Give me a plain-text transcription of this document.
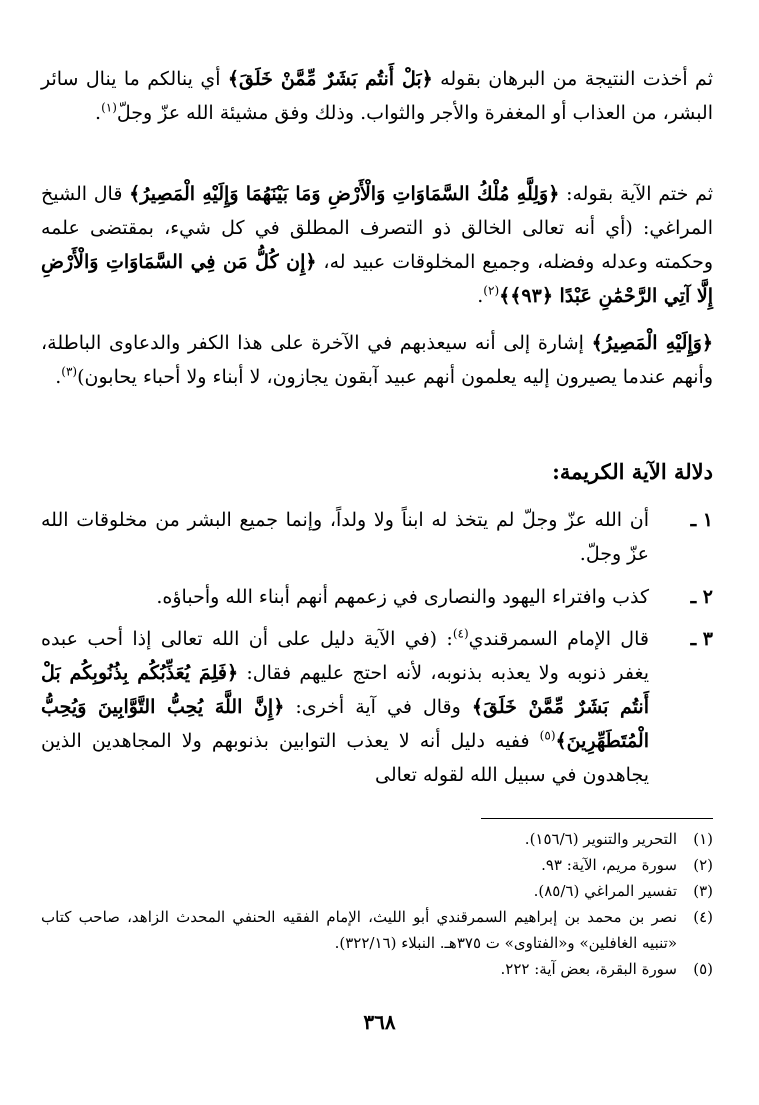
ثم أخذت النتيجة من البرهان بقوله ﴿بَلْ أَنتُم بَشَرٌ مِّمَّنْ خَلَقَ﴾ أي ينالكم ما ينال سائر البشر، من العذاب أو المغفرة والأجر والثواب. وذلك وفق مشيئة الله عزّ وجلّ$^{(١)}$.
ثم ختم الآية بقوله: ﴿وَلِلَّهِ مُلْكُ السَّمَاوَاتِ وَالْأَرْضِ وَمَا بَيْنَهُمَا وَإِلَيْهِ الْمَصِيرُ﴾ قال الشيخ المراغي: (أي أنه تعالى الخالق ذو التصرف المطلق في كل شيء، بمقتضى علمه وحكمته وعدله وفضله، وجميع المخلوقات عبيد له، ﴿إِن كُلُّ مَن فِي السَّمَاوَاتِ وَالْأَرْضِ إِلَّا آتِي الرَّحْمَٰنِ عَبْدًا ﴿٩٣﴾﴾$^{(٢)}$.
﴿وَإِلَيْهِ الْمَصِيرُ﴾ إشارة إلى أنه سيعذبهم في الآخرة على هذا الكفر والدعاوى الباطلة، وأنهم عندما يصيرون إليه يعلمون أنهم عبيد آبقون يجازون، لا أبناء ولا أحباء يحابون)$^{(٣)}$.
دلالة الآية الكريمة:
١ ـ
أن الله عزّ وجلّ لم يتخذ له ابناً ولا ولداً، وإنما جميع البشر من مخلوقات الله عزّ وجلّ.
٢ ـ
كذب وافتراء اليهود والنصارى في زعمهم أنهم أبناء الله وأحباؤه.
٣ ـ
قال الإمام السمرقندي$^{(٤)}$: (في الآية دليل على أن الله تعالى إذا أحب عبده يغفر ذنوبه ولا يعذبه بذنوبه، لأنه احتج عليهم فقال: ﴿فَلِمَ يُعَذِّبُكُم بِذُنُوبِكُم بَلْ أَنتُم بَشَرٌ مِّمَّنْ خَلَقَ﴾ وقال في آية أخرى: ﴿إِنَّ اللَّهَ يُحِبُّ التَّوَّابِينَ وَيُحِبُّ الْمُتَطَهِّرِينَ﴾$^{(٥)}$ ففيه دليل أنه لا يعذب التوابين بذنوبهم ولا المجاهدين الذين يجاهدون في سبيل الله لقوله تعالى
(١)
التحرير والتنوير (١٥٦/٦).
(٢)
سورة مريم، الآية: ٩٣.
(٣)
تفسير المراغي (٨٥/٦).
(٤)
نصر بن محمد بن إبراهيم السمرقندي أبو الليث، الإمام الفقيه الحنفي المحدث الزاهد، صاحب كتاب «تنبيه الغافلين» و«الفتاوى» ت ٣٧٥هـ. النبلاء (٣٢٢/١٦).
(٥)
سورة البقرة، بعض آية: ٢٢٢.
٣٦٨
